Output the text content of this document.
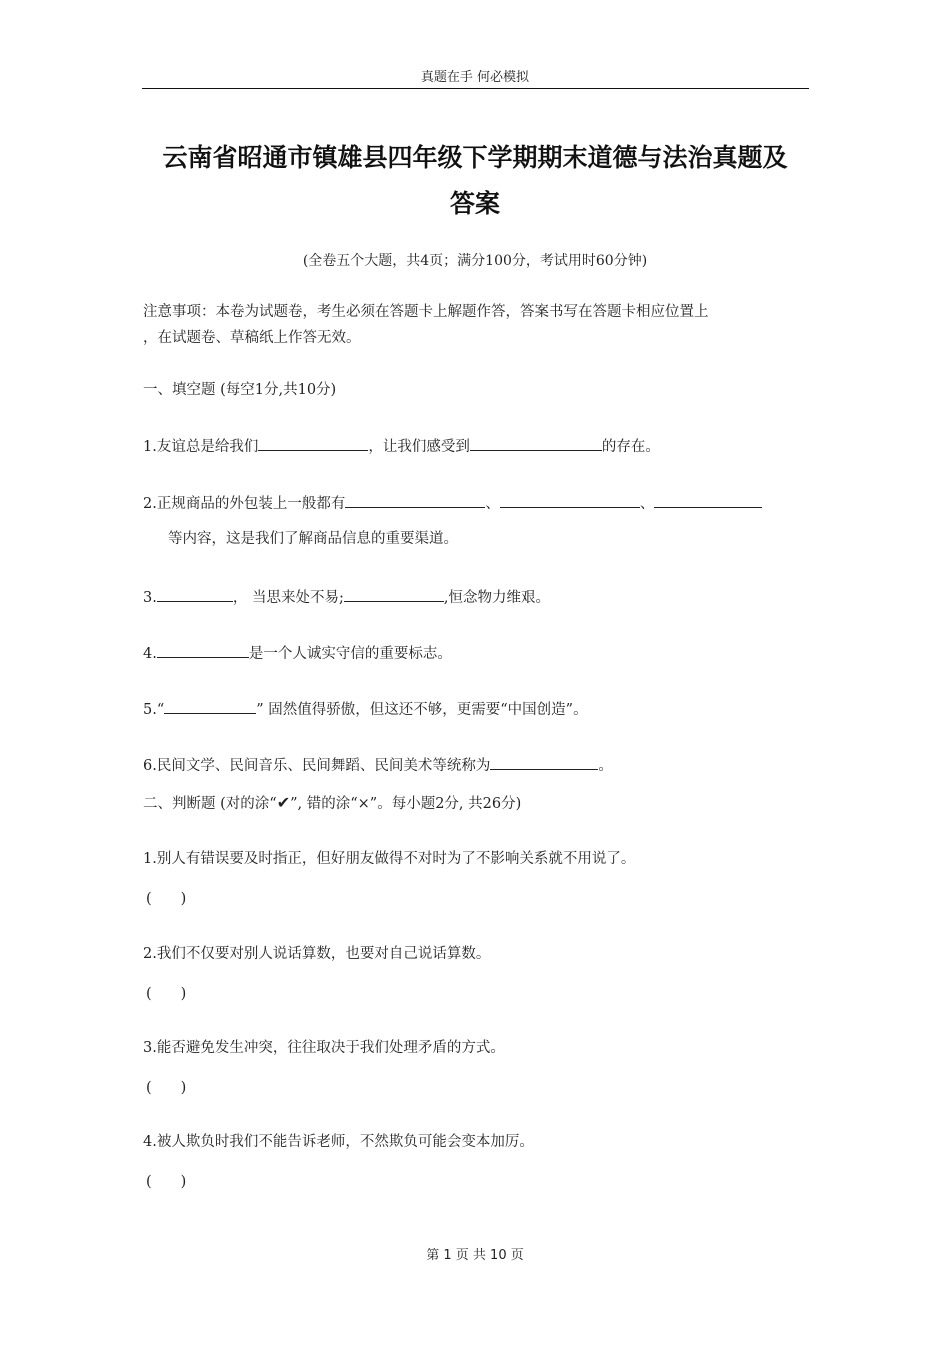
真题在手 何必模拟
云南省昭通市镇雄县四年级下学期期末道德与法治真题及
答案
(全卷五个大题，共4页；满分100分，考试用时60分钟)
注意事项：本卷为试题卷，考生必须在答题卡上解题作答，答案书写在答题卡相应位置上
，在试题卷、草稿纸上作答无效。
一、填空题 (每空1分,共10分)
1.友谊总是给我们	，让我们感受到	的存在。
2.正规商品的外包装上一般都有	、	、
等内容，这是我们了解商品信息的重要渠道。
3.	， 当思来处不易;	,恒念物力维艰。
4.	是一个人诚实守信的重要标志。
5.“	” 固然值得骄傲，但这还不够，更需要“中国创造”。
6.民间文学、民间音乐、民间舞蹈、民间美术等统称为	。
二、判断题 (对的涂“✔”, 错的涂“×”。每小题2分, 共26分)
1.别人有错误要及时指正，但好朋友做得不对时为了不影响关系就不用说了。
(　　)
2.我们不仅要对别人说话算数，也要对自己说话算数。
(　　)
3.能否避免发生冲突，往往取决于我们处理矛盾的方式。
(　　)
4.被人欺负时我们不能告诉老师，不然欺负可能会变本加厉。
(　　)
第 1 页 共 10 页
